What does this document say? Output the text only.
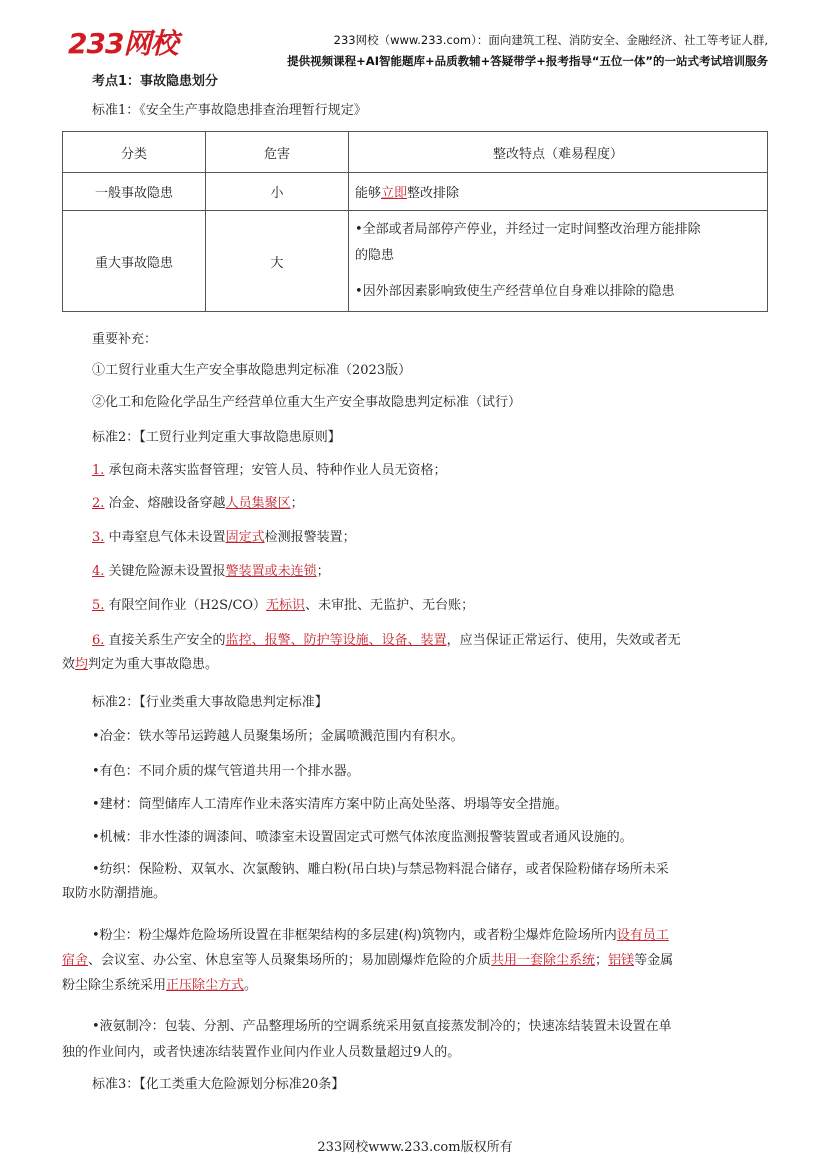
233网校	233网校（www.233.com）：面向建筑工程、消防安全、金融经济、社工等考证人群,
提供视频课程+AI智能题库+品质教辅+答疑带学+报考指导“五位一体”的一站式考试培训服务
考点1：事故隐患划分
标准1：《安全生产事故隐患排查治理暂行规定》
分类	危害	整改特点（难易程度）
一般事故隐患	小	能够立即整改排除
重大事故隐患	大	•全部或者局部停产停业，并经过一定时间整改治理方能排除
的隐患
•因外部因素影响致使生产经营单位自身难以排除的隐患
重要补充：
①工贸行业重大生产安全事故隐患判定标准（2023版）
②化工和危险化学品生产经营单位重大生产安全事故隐患判定标准（试行）
标准2：【工贸行业判定重大事故隐患原则】
1. 承包商未落实监督管理；安管人员、特种作业人员无资格；
2. 冶金、熔融设备穿越人员集聚区；
3. 中毒窒息气体未设置固定式检测报警装置；
4. 关键危险源未设置报警装置或未连锁；
5. 有限空间作业（H2S/CO）无标识、未审批、无监护、无台账；
6. 直接关系生产安全的监控、报警、防护等设施、设备、装置，应当保证正常运行、使用，失效或者无
效均判定为重大事故隐患。
标准2：【行业类重大事故隐患判定标准】
•冶金：铁水等吊运跨越人员聚集场所；金属喷溅范围内有积水。
•有色：不同介质的煤气管道共用一个排水器。
•建材：筒型储库人工清库作业未落实清库方案中防止高处坠落、坍塌等安全措施。
•机械：非水性漆的调漆间、喷漆室未设置固定式可燃气体浓度监测报警装置或者通风设施的。
•纺织：保险粉、双氧水、次氯酸钠、雕白粉(吊白块)与禁忌物料混合储存，或者保险粉储存场所未采
取防水防潮措施。
•粉尘：粉尘爆炸危险场所设置在非框架结构的多层建(构)筑物内，或者粉尘爆炸危险场所内设有员工
宿舍、会议室、办公室、休息室等人员聚集场所的；易加剧爆炸危险的介质共用一套除尘系统；铝镁等金属
粉尘除尘系统采用正压除尘方式。
•液氨制冷：包装、分割、产品整理场所的空调系统采用氨直接蒸发制冷的；快速冻结装置未设置在单
独的作业间内，或者快速冻结装置作业间内作业人员数量超过9人的。
标准3：【化工类重大危险源划分标准20条】
233网校www.233.com版权所有
